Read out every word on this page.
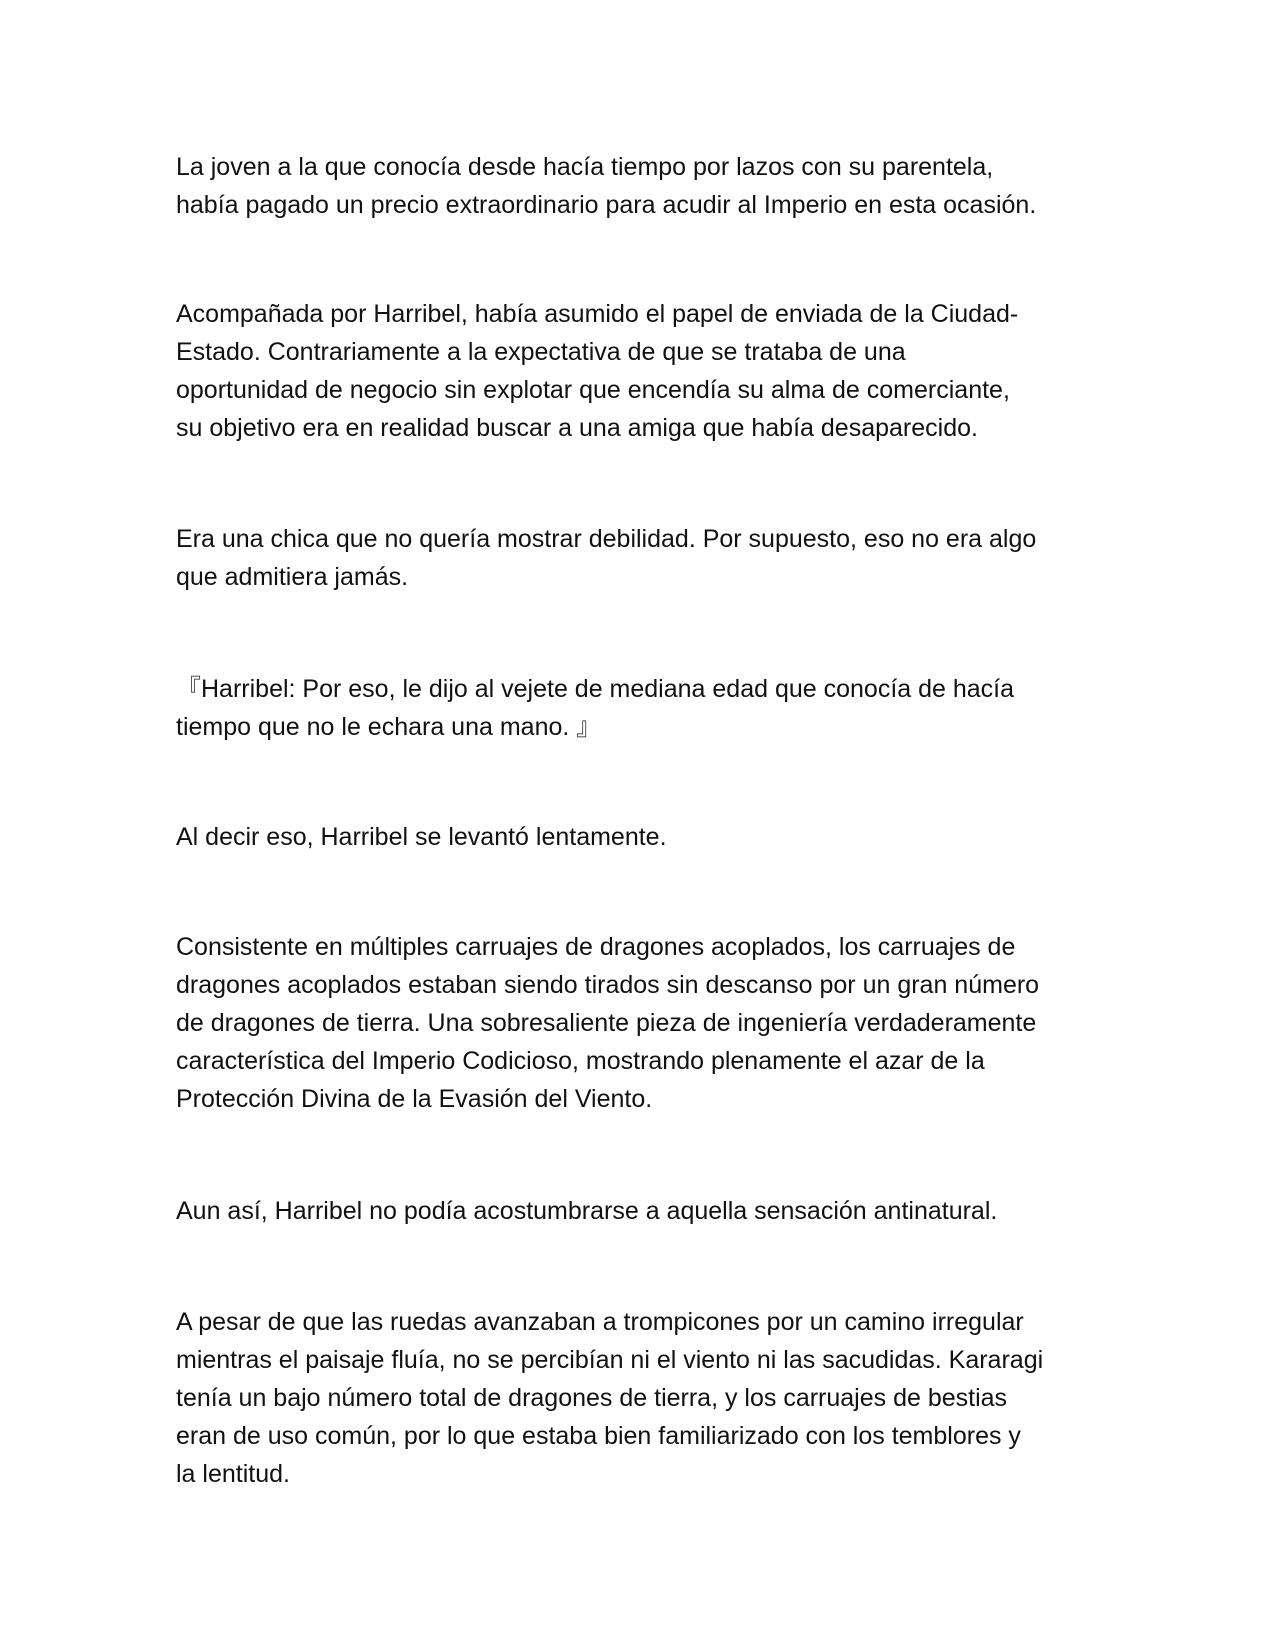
La joven a la que conocía desde hacía tiempo por lazos con su parentela,
había pagado un precio extraordinario para acudir al Imperio en esta ocasión.

Acompañada por Harribel, había asumido el papel de enviada de la Ciudad-
Estado. Contrariamente a la expectativa de que se trataba de una
oportunidad de negocio sin explotar que encendía su alma de comerciante,
su objetivo era en realidad buscar a una amiga que había desaparecido.

Era una chica que no quería mostrar debilidad. Por supuesto, eso no era algo
que admitiera jamás.

『Harribel: Por eso, le dijo al vejete de mediana edad que conocía de hacía
tiempo que no le echara una mano. 』

Al decir eso, Harribel se levantó lentamente.

Consistente en múltiples carruajes de dragones acoplados, los carruajes de
dragones acoplados estaban siendo tirados sin descanso por un gran número
de dragones de tierra. Una sobresaliente pieza de ingeniería verdaderamente
característica del Imperio Codicioso, mostrando plenamente el azar de la
Protección Divina de la Evasión del Viento.

Aun así, Harribel no podía acostumbrarse a aquella sensación antinatural.

A pesar de que las ruedas avanzaban a trompicones por un camino irregular
mientras el paisaje fluía, no se percibían ni el viento ni las sacudidas. Kararagi
tenía un bajo número total de dragones de tierra, y los carruajes de bestias
eran de uso común, por lo que estaba bien familiarizado con los temblores y
la lentitud.
